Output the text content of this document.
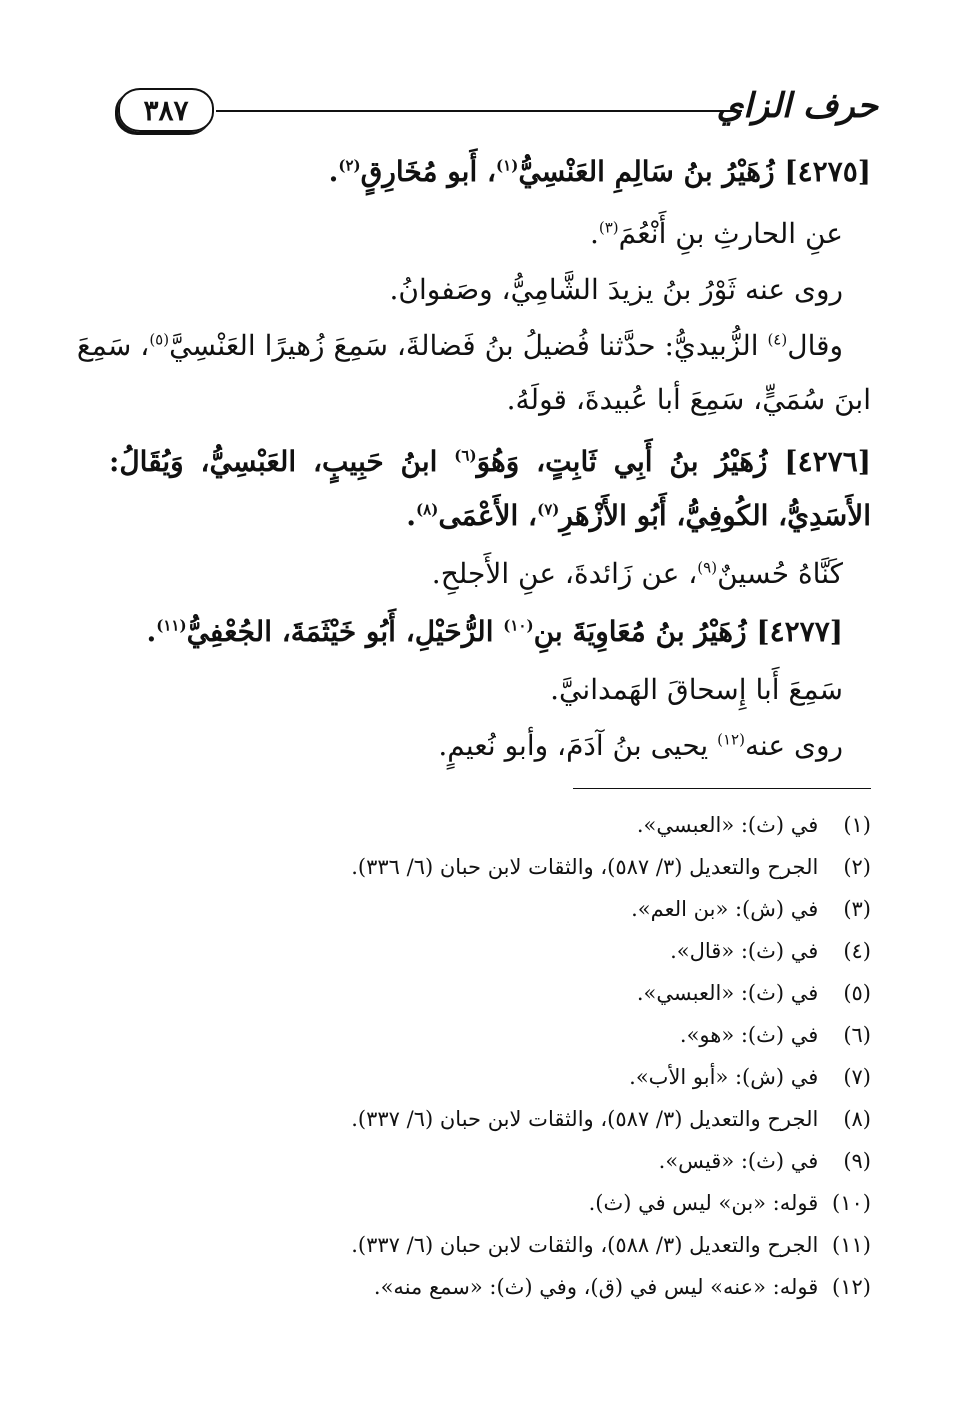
حرف الزاي
٣٨٧
[٤٢٧٥] زُهَيْرُ بنُ سَالِمِ العَنْسِيُّ$^{(١)}$، أَبو مُخَارِقٍ$^{(٢)}$.
عنِ الحارثِ بنِ أَنْعُمَ$^{(٣)}$.
روى عنه ثَوْرُ بنُ يزيدَ الشَّامِيُّ، وصَفوانُ.
وقال$^{(٤)}$ الزُّبيديُّ: حدَّثنا فُضيلُ بنُ فَضالةَ، سَمِعَ زُهيرًا العَنْسِيَّ$^{(٥)}$، سَمِعَ
ابنَ سُمَيٍّ، سَمِعَ أبا عُبيدةَ، قولَهُ.
[٤٢٧٦] زُهَيْرُ بنُ أَبِي ثَابِتٍ، وَهُوَ$^{(٦)}$ ابنُ حَبِيبٍ، العَبْسِيُّ، وَيُقَالُ:
الأَسَدِيُّ، الكُوفِيُّ، أَبُو الأَزْهَرِ$^{(٧)}$، الأَعْمَى$^{(٨)}$.
كَنَّاهُ حُسينٌ$^{(٩)}$، عن زَائدةَ، عنِ الأَجلحِ.
[٤٢٧٧] زُهَيْرُ بنُ مُعَاوِيَةَ بنِ$^{(١٠)}$ الرُّحَيْلِ، أَبُو خَيْثَمَةَ، الجُعْفِيُّ$^{(١١)}$.
سَمِعَ أَبا إِسحاقَ الهَمدانيَّ.
روى عنه$^{(١٢)}$ يحيى بنُ آدَمَ، وأبو نُعيمٍ.
(١) في (ث): «العبسي».
(٢) الجرح والتعديل (٣/ ٥٨٧)، والثقات لابن حبان (٦/ ٣٣٦).
(٣) في (ش): «بن العم».
(٤) في (ث): «قال».
(٥) في (ث): «العبسي».
(٦) في (ث): «هو».
(٧) في (ش): «أبو الأب».
(٨) الجرح والتعديل (٣/ ٥٨٧)، والثقات لابن حبان (٦/ ٣٣٧).
(٩) في (ث): «قيس».
(١٠) قوله: «بن» ليس في (ث).
(١١) الجرح والتعديل (٣/ ٥٨٨)، والثقات لابن حبان (٦/ ٣٣٧).
(١٢) قوله: «عنه» ليس في (ق)، وفي (ث): «سمع منه».
